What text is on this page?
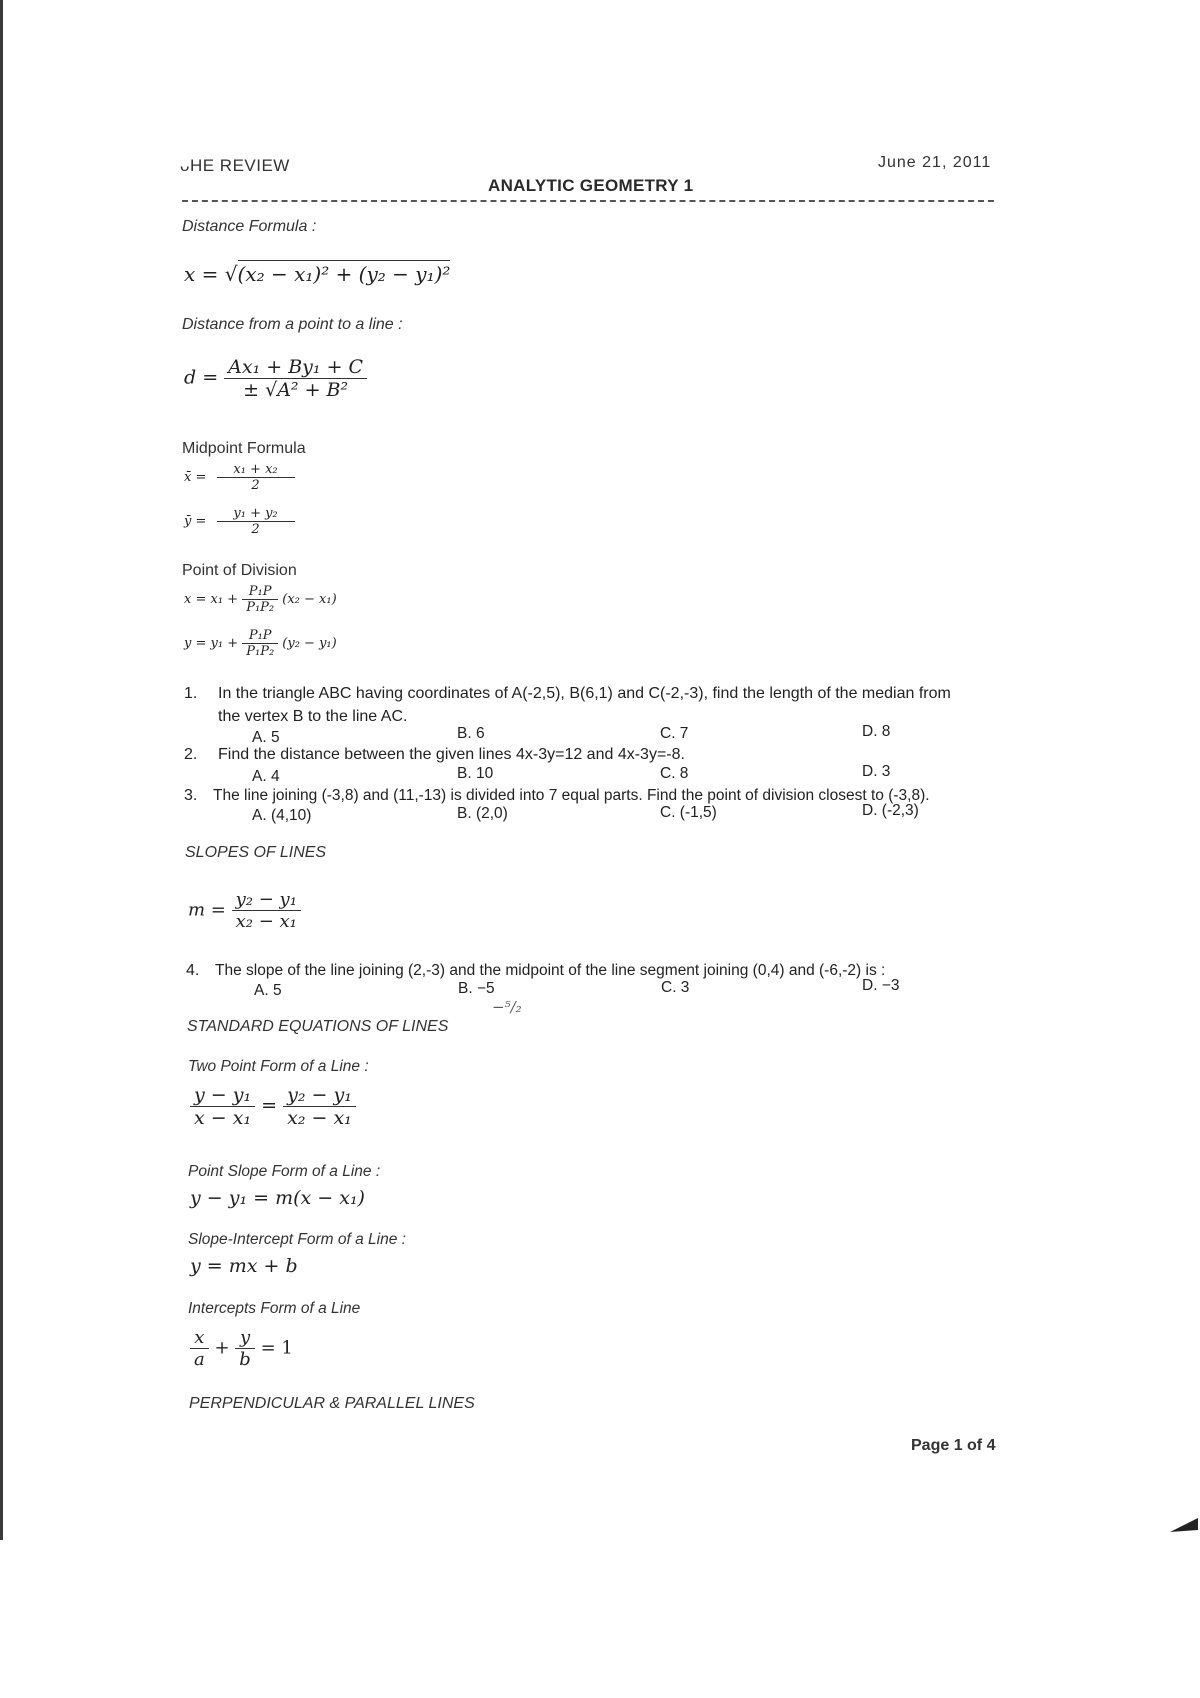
ᴗHE REVIEW	June 21, 2011
ANALYTIC GEOMETRY 1
Distance Formula :
x = √(x₂ − x₁)² + (y₂ − y₁)²
Distance from a point to a line :
$d = \frac{\text{Ax₁ + By₁ + C}}{\text{± √A² + B²}}$
Midpoint Formula
x̄ = $\frac{\text{x₁ + x₂}}{2}$
ȳ = $\frac{\text{y₁ + y₂}}{2}$
Point of Division
$x = x_1 + \frac{\text{P₁P}}{\text{P₁P₂}} (x_2 - x_1)$
$y = y_1 + \frac{\text{P₁P}}{\text{P₁P₂}} (y_2 - y_1)$
1. In the triangle ABC having coordinates of A(-2,5), B(6,1) and C(-2,-3), find the length of the median from
the vertex B to the line AC.
A. 5	B. 6	C. 7	D. 8
2. Find the distance between the given lines 4x-3y=12 and 4x-3y=-8.
A. 4	B. 10	C. 8	D. 3
3. The line joining (-3,8) and (11,-13) is divided into 7 equal parts. Find the point of division closest to (-3,8).
A. (4,10)	B. (2,0)	C. (-1,5)	D. (-2,3)
SLOPES OF LINES
$m = \frac{\text{y₂ − y₁}}{\text{x₂ − x₁}}$
4. The slope of the line joining (2,-3) and the midpoint of the line segment joining (0,4) and (-6,-2) is :
A. 5	B. −5	C. 3	D. −3
−⁵/₂
STANDARD EQUATIONS OF LINES
Two Point Form of a Line :
$\frac{\text{y − y₁}}{\text{x − x₁}} = \frac{\text{y₂ − y₁}}{\text{x₂ − x₁}}$
Point Slope Form of a Line :
y − y₁ = m(x − x₁)
Slope-Intercept Form of a Line :
y = mx + b
Intercepts Form of a Line
$\frac{x}{a} + \frac{y}{b} = 1$
PERPENDICULAR & PARALLEL LINES
Page 1 of 4
